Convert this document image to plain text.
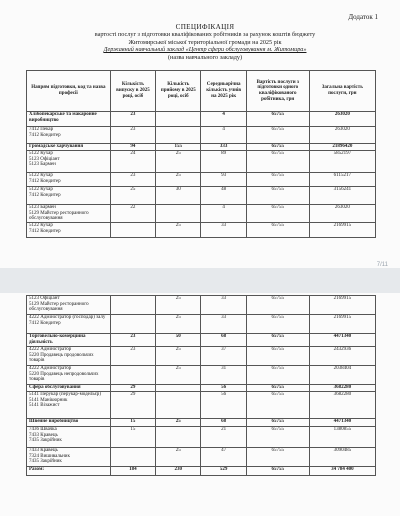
Додаток 1
СПЕЦИФІКАЦІЯ
вартості послуг з підготовки кваліфікованих робітників за рахунок коштів бюджету
Житомирської міської територіальної громади на 2025 рік
Державний навчальний заклад «Центр сфери обслуговування м. Житомира»
(назва навчального закладу)
Напрям підготовки, код та назва професії	Кількість випуску в 2025 році, осіб	Кількість прийому в 2025 році, осіб	Середньорічна кількість учнів на 2025 рік	Вартість послуги з підготовки одного кваліфікованого робітника, грн	Загальна вартість послуги, грн
Хлібопекарське та макаронне виробництво	23		4	65755	263020
7412 Пекар
7412 Кондитер	23		4	65755	263020
Громадське харчування	94	155	333	65755	21896420
5122 Кухар
5123 Офіціант
5123 Бармен	24	25	89	65755	5852197
5122 Кухар
7412 Кондитер	23	25	93	65755	6115217
5122 Кухар
7412 Кондитер	25	30	48	65755	3156241
5123 Бармен
5129 Майстер ресторанного обслуговування	22		4	65755	263020
5122 Кухар
7412 Кондитер		25	33	65755	2169915
7/11
5123 Офіціант
5129 Майстер ресторанного обслуговування		25	33	65755	2169915
4222 Адміністратор (господар) залу
7412 Кондитер		25	33	65755	2169915
Торговельно-комерційна діяльність	23	50	68	65755	4471340
4222 Адміністратор
5220 Продавець продовольчих товарів	23	25	37	65755	2432936
4222 Адміністратор
5220 Продавець непродовольчих товарів		25	31	65755	2038404
Сфера обслуговування	29		56	65755	3682280
5141 Перукар (перукар-модельєр)
5141 Манікюрник
5141 Візажист	29		56	65755	3682280
Швейне виробництво	15	25	68	65755	4471340
7436 Швачка
7433 Кравець
7435 Закрійник	15		21	65755	1380855
7433 Кравець
7324 Вишивальник
7435 Закрійник		25	47	65755	3090485
Разом:	184	230	529	65755	34 784 400
